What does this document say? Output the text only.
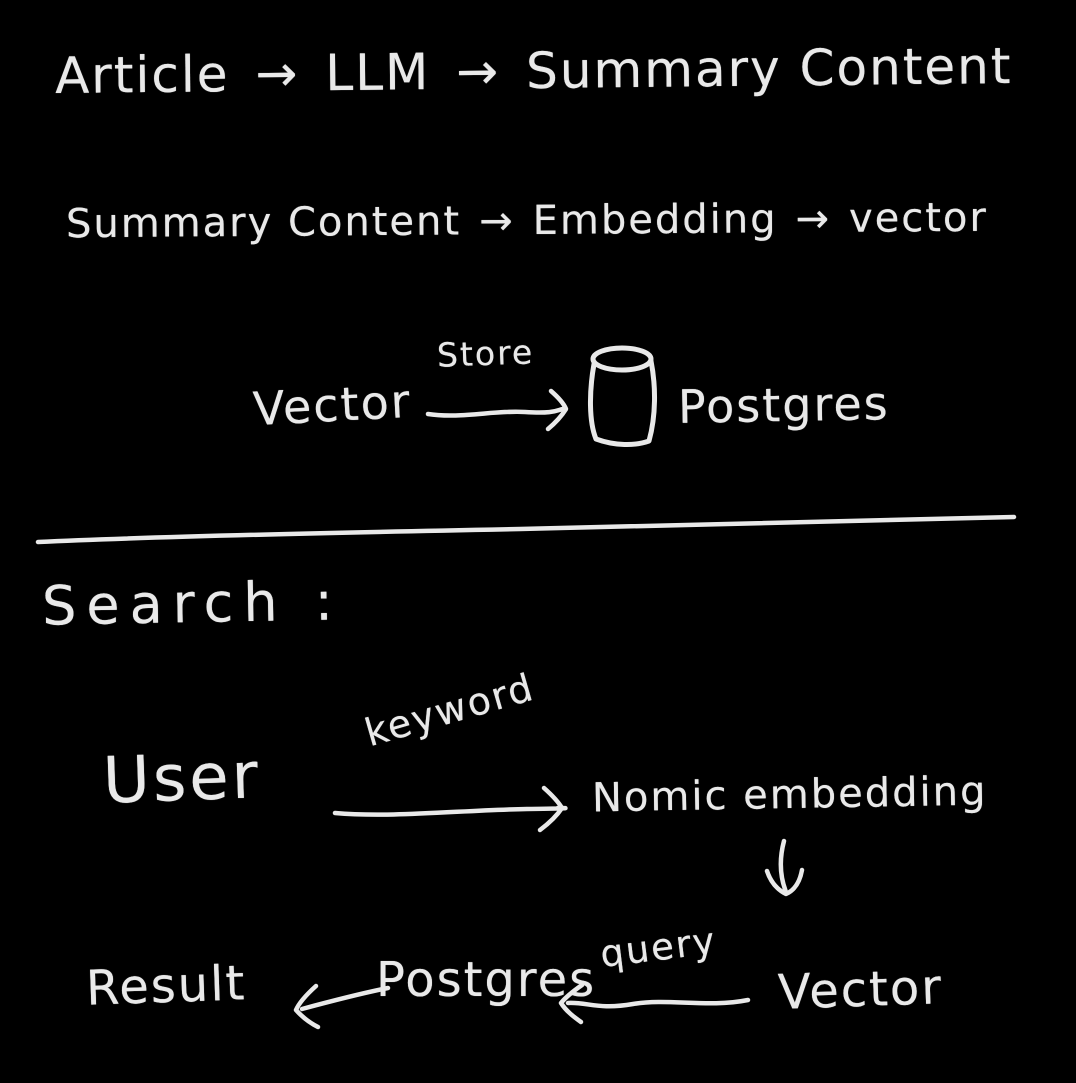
Article → LLM → Summary Content
Summary Content → Embedding → vector
Vector
Store
Postgres
Search :
User
keyword
Nomic embedding
Result	Postgres
query
Vector
